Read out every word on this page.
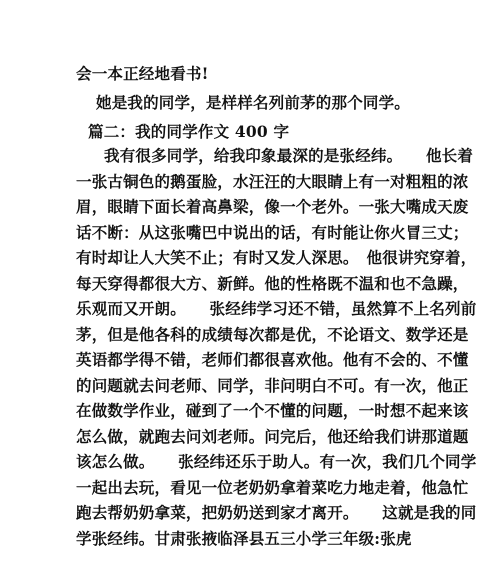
会一本正经地看书!
她是我的同学，是样样名列前茅的那个同学。
篇二：我的同学作文 400 字
我有很多同学，给我印象最深的是张经纬。　　他长着
一张古铜色的鹅蛋脸，水汪汪的大眼睛上有一对粗粗的浓
眉，眼睛下面长着高鼻梁，像一个老外。一张大嘴成天废
话不断：从这张嘴巴中说出的话，有时能让你火冒三丈；
有时却让人大笑不止；有时又发人深思。　他很讲究穿着，
每天穿得都很大方、新鲜。他的性格既不温和也不急躁，
乐观而又开朗。　　张经纬学习还不错，虽然算不上名列前
茅，但是他各科的成绩每次都是优，不论语文、数学还是
英语都学得不错，老师们都很喜欢他。他有不会的、不懂
的问题就去问老师、同学，非问明白不可。有一次，他正
在做数学作业，碰到了一个不懂的问题，一时想不起来该
怎么做，就跑去问刘老师。问完后，他还给我们讲那道题
该怎么做。　　张经纬还乐于助人。有一次，我们几个同学
一起出去玩，看见一位老奶奶拿着菜吃力地走着，他急忙
跑去帮奶奶拿菜，把奶奶送到家才离开。　　这就是我的同
学张经纬。甘肃张掖临泽县五三小学三年级:张虎
